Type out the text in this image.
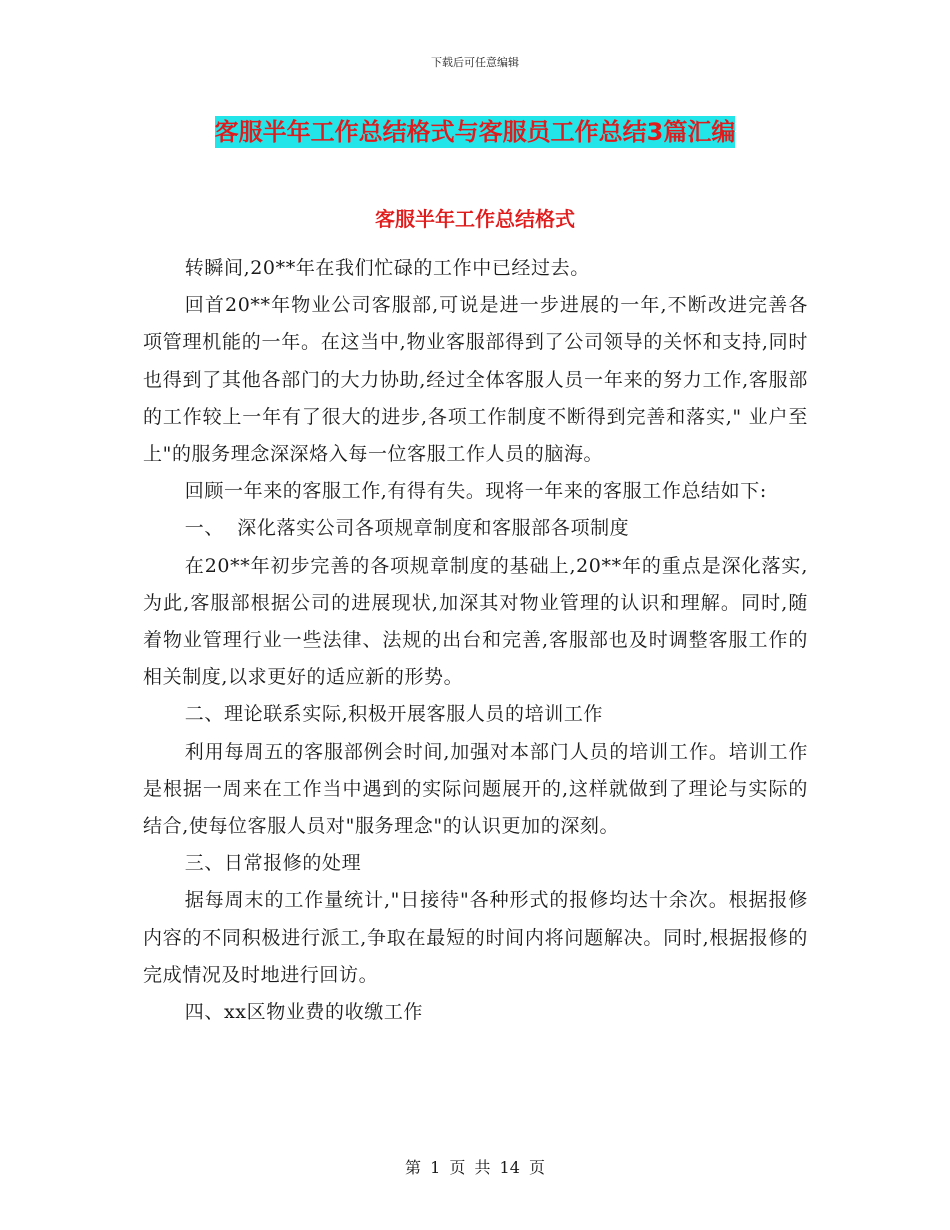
下载后可任意编辑
客服半年工作总结格式与客服员工作总结3篇汇编
客服半年工作总结格式

转瞬间,20**年在我们忙碌的工作中已经过去。

回首20**年物业公司客服部,可说是进一步进展的一年,不断改进完善各项管理机能的一年。在这当中,物业客服部得到了公司领导的关怀和支持,同时也得到了其他各部门的大力协助,经过全体客服人员一年来的努力工作,客服部的工作较上一年有了很大的进步,各项工作制度不断得到完善和落实," 业户至上"的服务理念深深烙入每一位客服工作人员的脑海。

回顾一年来的客服工作,有得有失。现将一年来的客服工作总结如下:

一、  深化落实公司各项规章制度和客服部各项制度

在20**年初步完善的各项规章制度的基础上,20**年的重点是深化落实,为此,客服部根据公司的进展现状,加深其对物业管理的认识和理解。同时,随着物业管理行业一些法律、法规的出台和完善,客服部也及时调整客服工作的相关制度,以求更好的适应新的形势。

二、理论联系实际,积极开展客服人员的培训工作

利用每周五的客服部例会时间,加强对本部门人员的培训工作。培训工作是根据一周来在工作当中遇到的实际问题展开的,这样就做到了理论与实际的结合,使每位客服人员对"服务理念"的认识更加的深刻。

三、日常报修的处理

据每周末的工作量统计,"日接待"各种形式的报修均达十余次。根据报修内容的不同积极进行派工,争取在最短的时间内将问题解决。同时,根据报修的完成情况及时地进行回访。

四、xx区物业费的收缴工作

第 1 页 共 14 页
